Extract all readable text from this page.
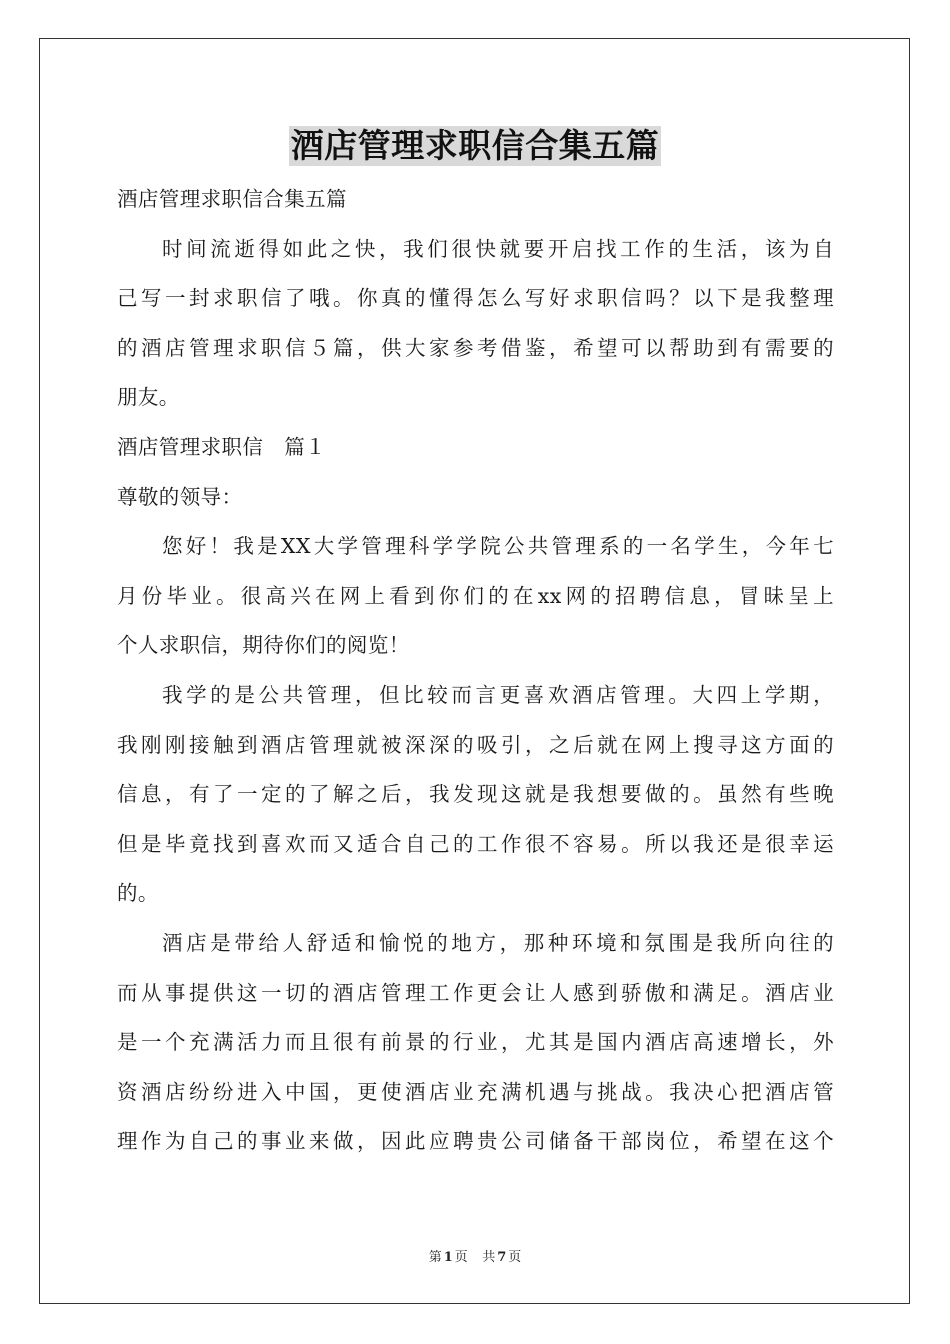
酒店管理求职信合集五篇
酒店管理求职信合集五篇
时间流逝得如此之快，我们很快就要开启找工作的生活，该为自
己写一封求职信了哦。你真的懂得怎么写好求职信吗？以下是我整理
的酒店管理求职信５篇，供大家参考借鉴，希望可以帮助到有需要的
朋友。
酒店管理求职信　篇１
尊敬的领导：
您好！我是XX大学管理科学学院公共管理系的一名学生，今年七
月份毕业。很高兴在网上看到你们的在xx网的招聘信息，冒昧呈上
个人求职信，期待你们的阅览！
我学的是公共管理，但比较而言更喜欢酒店管理。大四上学期，
我刚刚接触到酒店管理就被深深的吸引，之后就在网上搜寻这方面的
信息，有了一定的了解之后，我发现这就是我想要做的。虽然有些晚
但是毕竟找到喜欢而又适合自己的工作很不容易。所以我还是很幸运
的。
酒店是带给人舒适和愉悦的地方，那种环境和氛围是我所向往的
而从事提供这一切的酒店管理工作更会让人感到骄傲和满足。酒店业
是一个充满活力而且很有前景的行业，尤其是国内酒店高速增长，外
资酒店纷纷进入中国，更使酒店业充满机遇与挑战。我决心把酒店管
理作为自己的事业来做，因此应聘贵公司储备干部岗位，希望在这个
第 1 页 共 7 页
